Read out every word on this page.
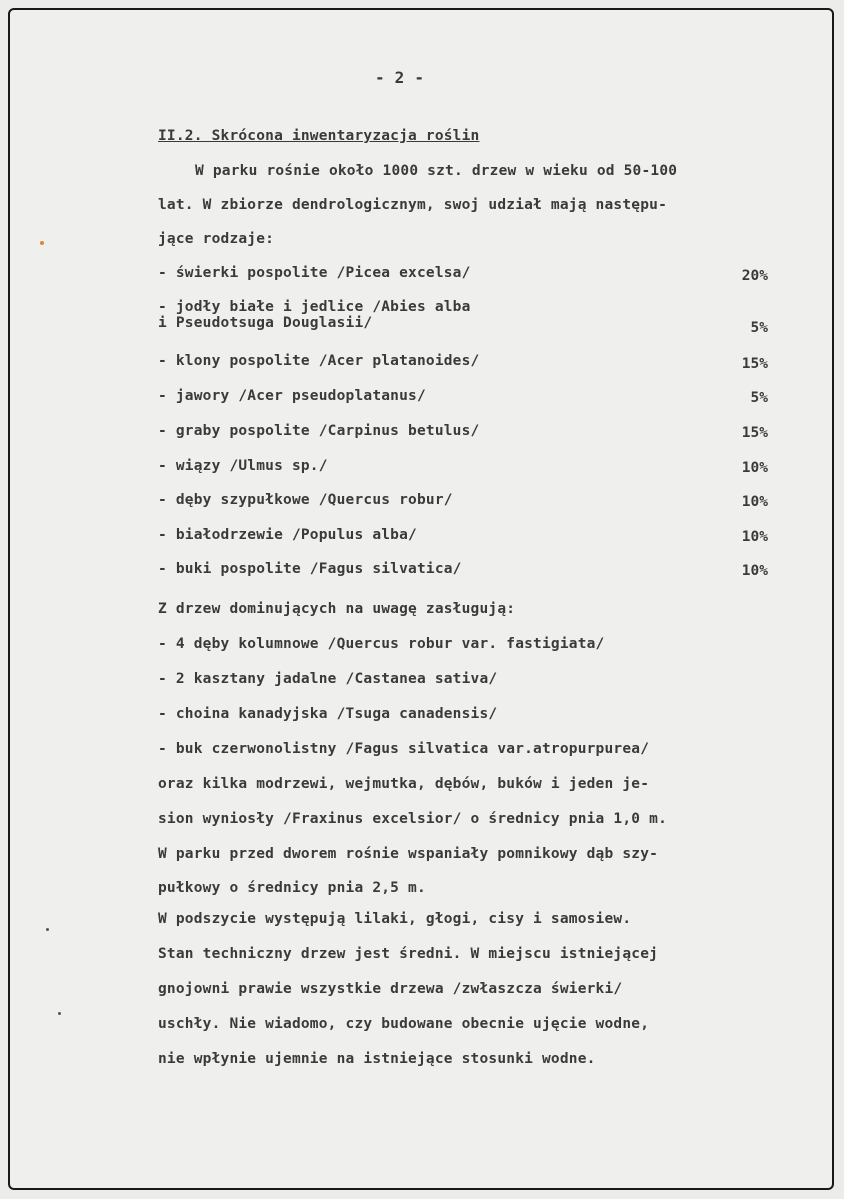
- 2 -
II.2. Skrócona inwentaryzacja roślin
W parku rośnie około 1000 szt. drzew w wieku od 50-100
lat. W zbiorze dendrologicznym, swoj udział mają następu-
jące rodzaje:
- świerki pospolite /Picea excelsa/	20%
- jodły białe i jedlice /Abies alba
i Pseudotsuga Douglasii/	5%
- klony pospolite /Acer platanoides/	15%
- jawory /Acer pseudoplatanus/	5%
- graby pospolite /Carpinus betulus/	15%
- wiązy /Ulmus sp./	10%
- dęby szypułkowe /Quercus robur/	10%
- białodrzewie /Populus alba/	10%
- buki pospolite /Fagus silvatica/	10%
Z drzew dominujących na uwagę zasługują:
- 4 dęby kolumnowe /Quercus robur var. fastigiata/
- 2 kasztany jadalne /Castanea sativa/
- choina kanadyjska /Tsuga canadensis/
- buk czerwonolistny /Fagus silvatica var.atropurpurea/
oraz kilka modrzewi, wejmutka, dębów, buków i jeden je-
sion wyniosły /Fraxinus excelsior/ o średnicy pnia 1,0 m.
W parku przed dworem rośnie wspaniały pomnikowy dąb szy-
pułkowy o średnicy pnia 2,5 m.
W podszycie występują lilaki, głogi, cisy i samosiew.
Stan techniczny drzew jest średni. W miejscu istniejącej
gnojowni prawie wszystkie drzewa /zwłaszcza świerki/
uschły. Nie wiadomo, czy budowane obecnie ujęcie wodne,
nie wpłynie ujemnie na istniejące stosunki wodne.
